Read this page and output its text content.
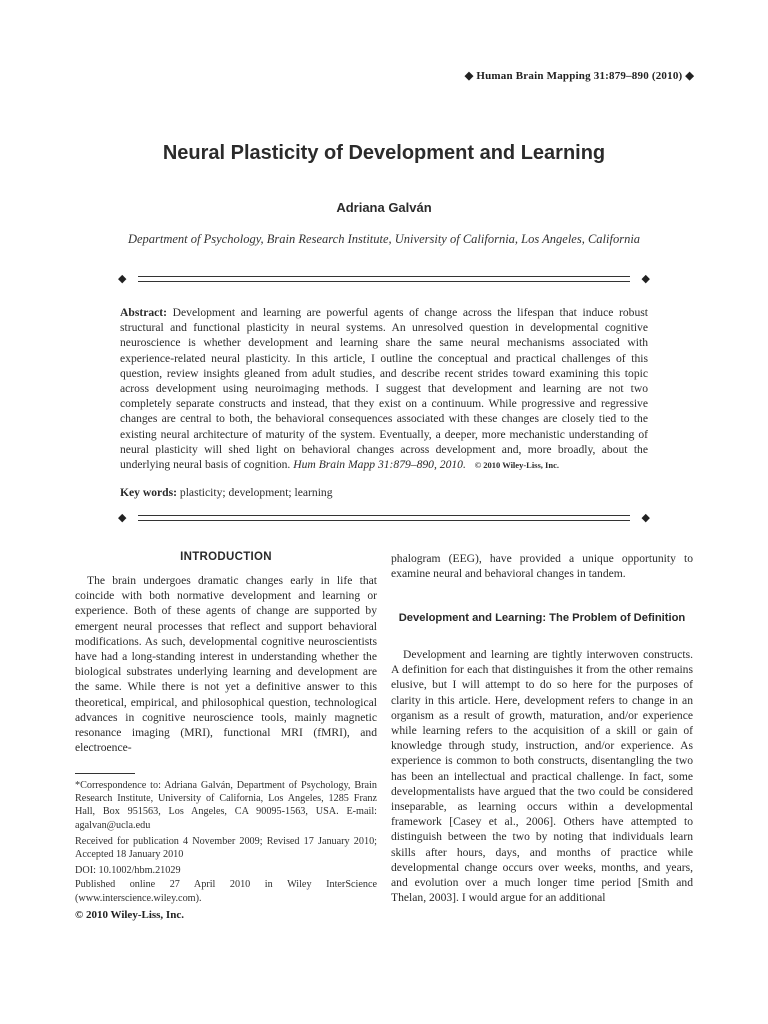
◆ Human Brain Mapping 31:879–890 (2010) ◆
Neural Plasticity of Development and Learning
Adriana Galván
Department of Psychology, Brain Research Institute, University of California, Los Angeles, California
◆	◆
Abstract: Development and learning are powerful agents of change across the lifespan that induce robust structural and functional plasticity in neural systems. An unresolved question in developmental cognitive neuroscience is whether development and learning share the same neural mechanisms associated with experience-related neural plasticity. In this article, I outline the conceptual and practical challenges of this question, review insights gleaned from adult studies, and describe recent strides toward examining this topic across development using neuroimaging methods. I suggest that development and learning are not two completely separate constructs and instead, that they exist on a continuum. While progressive and regressive changes are central to both, the behavioral consequences associated with these changes are closely tied to the existing neural architecture of maturity of the system. Eventually, a deeper, more mechanistic understanding of neural plasticity will shed light on behavioral changes across development and, more broadly, about the underlying neural basis of cognition. Hum Brain Mapp 31:879–890, 2010. © 2010 Wiley-Liss, Inc.
Key words: plasticity; development; learning
◆	◆
INTRODUCTION

The brain undergoes dramatic changes early in life that coincide with both normative development and learning or experience. Both of these agents of change are supported by emergent neural processes that reflect and support behavioral modifications. As such, developmental cognitive neuroscientists have had a long-standing interest in understanding whether the biological substrates underlying learning and development are the same. While there is not yet a definitive answer to this theoretical, empirical, and philosophical question, technological advances in cognitive neuroscience tools, mainly magnetic resonance imaging (MRI), functional MRI (fMRI), and electroence-

phalogram (EEG), have provided a unique opportunity to examine neural and behavioral changes in tandem.

Development and Learning: The Problem of Definition

Development and learning are tightly interwoven constructs. A definition for each that distinguishes it from the other remains elusive, but I will attempt to do so here for the purposes of clarity in this article. Here, development refers to change in an organism as a result of growth, maturation, and/or experience while learning refers to the acquisition of a skill or gain of knowledge through study, instruction, and/or experience. As experience is common to both constructs, disentangling the two has been an intellectual and practical challenge. In fact, some developmentalists have argued that the two could be considered inseparable, as learning occurs within a developmental framework [Casey et al., 2006]. Others have attempted to distinguish between the two by noting that individuals learn skills after hours, days, and months of practice while developmental change occurs over weeks, months, and years, and evolution over a much longer time period [Smith and Thelan, 2003]. I would argue for an additional

*Correspondence to: Adriana Galván, Department of Psychology, Brain Research Institute, University of California, Los Angeles, 1285 Franz Hall, Box 951563, Los Angeles, CA 90095-1563, USA. E-mail: agalvan@ucla.edu

Received for publication 4 November 2009; Revised 17 January 2010; Accepted 18 January 2010

DOI: 10.1002/hbm.21029

Published online 27 April 2010 in Wiley InterScience (www.interscience.wiley.com).

© 2010 Wiley-Liss, Inc.
